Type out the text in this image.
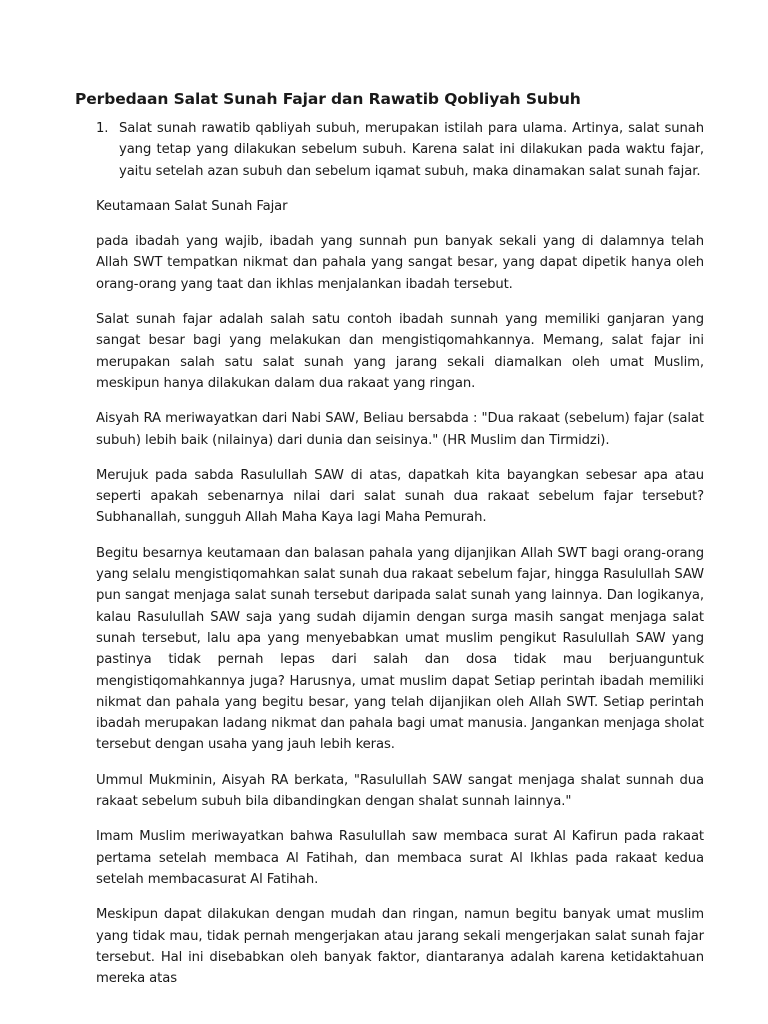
Perbedaan Salat Sunah Fajar dan Rawatib Qobliyah Subuh
1. Salat sunah rawatib qabliyah subuh, merupakan istilah para ulama. Artinya, salat sunah yang tetap yang dilakukan sebelum subuh. Karena salat ini dilakukan pada waktu fajar, yaitu setelah azan subuh dan sebelum iqamat subuh, maka dinamakan salat sunah fajar.

Keutamaan Salat Sunah Fajar

pada ibadah yang wajib, ibadah yang sunnah pun banyak sekali yang di dalamnya telah Allah SWT tempatkan nikmat dan pahala yang sangat besar, yang dapat dipetik hanya oleh orang-orang yang taat dan ikhlas menjalankan ibadah tersebut.

Salat sunah fajar adalah salah satu contoh ibadah sunnah yang memiliki ganjaran yang sangat besar bagi yang melakukan dan mengistiqomahkannya. Memang, salat fajar ini merupakan salah satu salat sunah yang jarang sekali diamalkan oleh umat Muslim, meskipun hanya dilakukan dalam dua rakaat yang ringan.

Aisyah RA meriwayatkan dari Nabi SAW, Beliau bersabda : "Dua rakaat (sebelum) fajar (salat subuh) lebih baik (nilainya) dari dunia dan seisinya." (HR Muslim dan Tirmidzi).

Merujuk pada sabda Rasulullah SAW di atas, dapatkah kita bayangkan sebesar apa atau seperti apakah sebenarnya nilai dari salat sunah dua rakaat sebelum fajar tersebut? Subhanallah, sungguh Allah Maha Kaya lagi Maha Pemurah.

Begitu besarnya keutamaan dan balasan pahala yang dijanjikan Allah SWT bagi orang-orang yang selalu mengistiqomahkan salat sunah dua rakaat sebelum fajar, hingga Rasulullah SAW pun sangat menjaga salat sunah tersebut daripada salat sunah yang lainnya. Dan logikanya, kalau Rasulullah SAW saja yang sudah dijamin dengan surga masih sangat menjaga salat sunah tersebut, lalu apa yang menyebabkan umat muslim pengikut Rasulullah SAW yang pastinya tidak pernah lepas dari salah dan dosa tidak mau berjuanguntuk mengistiqomahkannya juga? Harusnya, umat muslim dapat Setiap perintah ibadah memiliki nikmat dan pahala yang begitu besar, yang telah dijanjikan oleh Allah SWT. Setiap perintah ibadah merupakan ladang nikmat dan pahala bagi umat manusia. Jangankan menjaga sholat tersebut dengan usaha yang jauh lebih keras.

Ummul Mukminin, Aisyah RA berkata, "Rasulullah SAW sangat menjaga shalat sunnah dua rakaat sebelum subuh bila dibandingkan dengan shalat sunnah lainnya."

Imam Muslim meriwayatkan bahwa Rasulullah saw membaca surat Al Kafirun pada rakaat pertama setelah membaca Al Fatihah, dan membaca surat Al Ikhlas pada rakaat kedua setelah membacasurat Al Fatihah.

Meskipun dapat dilakukan dengan mudah dan ringan, namun begitu banyak umat muslim yang tidak mau, tidak pernah mengerjakan atau jarang sekali mengerjakan salat sunah fajar tersebut. Hal ini disebabkan oleh banyak faktor, diantaranya adalah karena ketidaktahuan mereka atas
